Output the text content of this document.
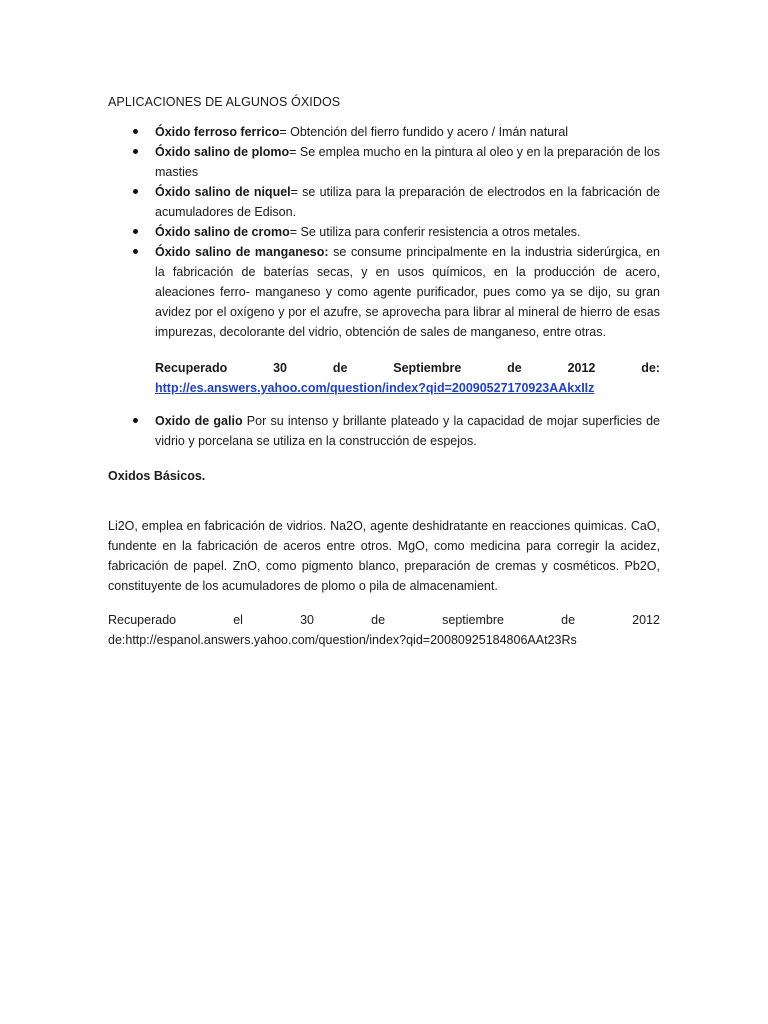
APLICACIONES DE ALGUNOS ÓXIDOS
Óxido ferroso ferrico= Obtención del fierro fundido y acero / Imán natural
Óxido salino de plomo= Se emplea mucho en la pintura al oleo y en la preparación de los masties
Óxido salino de niquel= se utiliza para la preparación de electrodos en la fabricación de acumuladores de Edison.
Óxido salino de cromo= Se utiliza para conferir resistencia a otros metales.
Óxido salino de manganeso: se consume principalmente en la industria siderúrgica, en la fabricación de baterías secas, y en usos químicos, en la producción de acero, aleaciones ferro- manganeso y como agente purificador, pues como ya se dijo, su gran avidez por el oxígeno y por el azufre, se aprovecha para librar al mineral de hierro de esas impurezas, decolorante del vidrio, obtención de sales de manganeso, entre otras.
Recuperado	30	de	Septiembre	de	2012	de:
http://es.answers.yahoo.com/question/index?qid=20090527170923AAkxIIz
Oxido de galio Por su intenso y brillante plateado y la capacidad de mojar superficies de vidrio y porcelana se utiliza en la construcción de espejos.
Oxidos Básicos.
Li2O, emplea en fabricación de vidrios. Na2O, agente deshidratante en reacciones quimicas. CaO, fundente en la fabricación de aceros entre otros. MgO, como medicina para corregir la acidez, fabricación de papel. ZnO, como pigmento blanco, preparación de cremas y cosméticos. Pb2O, constituyente de los acumuladores de plomo o pila de almacenamient.
Recuperado	el	30	de	septiembre	de	2012
de:http://espanol.answers.yahoo.com/question/index?qid=20080925184806AAt23Rs
